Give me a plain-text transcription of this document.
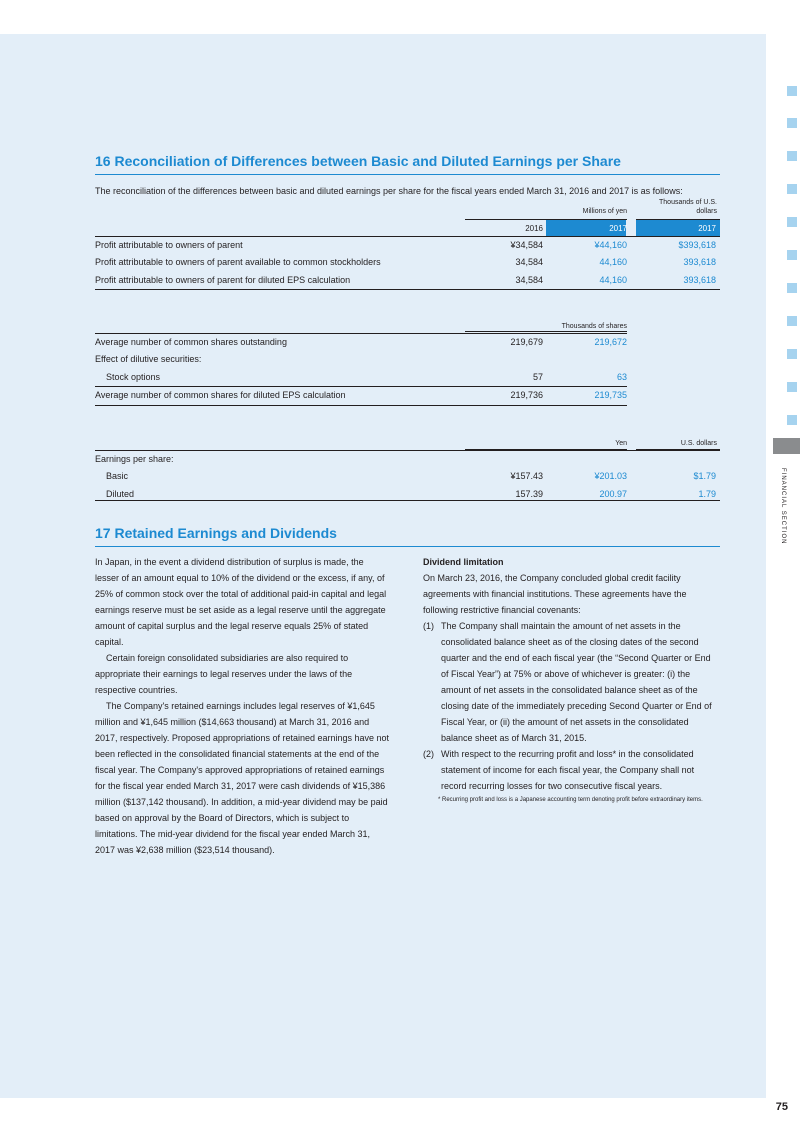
16 Reconciliation of Differences between Basic and Diluted Earnings per Share

The reconciliation of the differences between basic and diluted earnings per share for the fiscal years ended March 31, 2016 and 2017 is as follows:

Millions of yen
Thousands of U.S. dollars
2016	2017	2017
Profit attributable to owners of parent	¥34,584	¥44,160	$393,618
Profit attributable to owners of parent available to common stockholders	34,584	44,160	393,618
Profit attributable to owners of parent for diluted EPS calculation	34,584	44,160	393,618
Thousands of shares
Average number of common shares outstanding	219,679	219,672
Effect of dilutive securities:
Stock options	57	63
Average number of common shares for diluted EPS calculation	219,736	219,735
Yen	U.S. dollars
Earnings per share:
Basic	¥157.43	¥201.03	$1.79
Diluted	157.39	200.97	1.79
17 Retained Earnings and Dividends

In Japan, in the event a dividend distribution of surplus is made, the lesser of an amount equal to 10% of the dividend or the excess, if any, of 25% of common stock over the total of additional paid-in capital and legal earnings reserve must be set aside as a legal reserve until the aggregate amount of capital surplus and the legal reserve equals 25% of stated capital.

Certain foreign consolidated subsidiaries are also required to appropriate their earnings to legal reserves under the laws of the respective countries.

The Company's retained earnings includes legal reserves of ¥1,645 million and ¥1,645 million ($14,663 thousand) at March 31, 2016 and 2017, respectively. Proposed appropriations of retained earnings have not been reflected in the consolidated financial statements at the end of the fiscal year. The Company's approved appropriations of retained earnings for the fiscal year ended March 31, 2017 were cash dividends of ¥15,386 million ($137,142 thousand). In addition, a mid-year dividend may be paid based on approval by the Board of Directors, which is subject to limitations. The mid-year dividend for the fiscal year ended March 31, 2017 was ¥2,638 million ($23,514 thousand).

Dividend limitation

On March 23, 2016, the Company concluded global credit facility agreements with financial institutions. These agreements have the following restrictive financial covenants:

(1) The Company shall maintain the amount of net assets in the consolidated balance sheet as of the closing dates of the second quarter and the end of each fiscal year (the “Second Quarter or End of Fiscal Year”) at 75% or above of whichever is greater: (i) the amount of net assets in the consolidated balance sheet as of the closing date of the immediately preceding Second Quarter or End of Fiscal Year, or (ii) the amount of net assets in the consolidated balance sheet as of March 31, 2015.
(2) With respect to the recurring profit and loss* in the consolidated statement of income for each fiscal year, the Company shall not record recurring losses for two consecutive fiscal years.

* Recurring profit and loss is a Japanese accounting term denoting profit before extraordinary items.

FINANCIAL SECTION
75
